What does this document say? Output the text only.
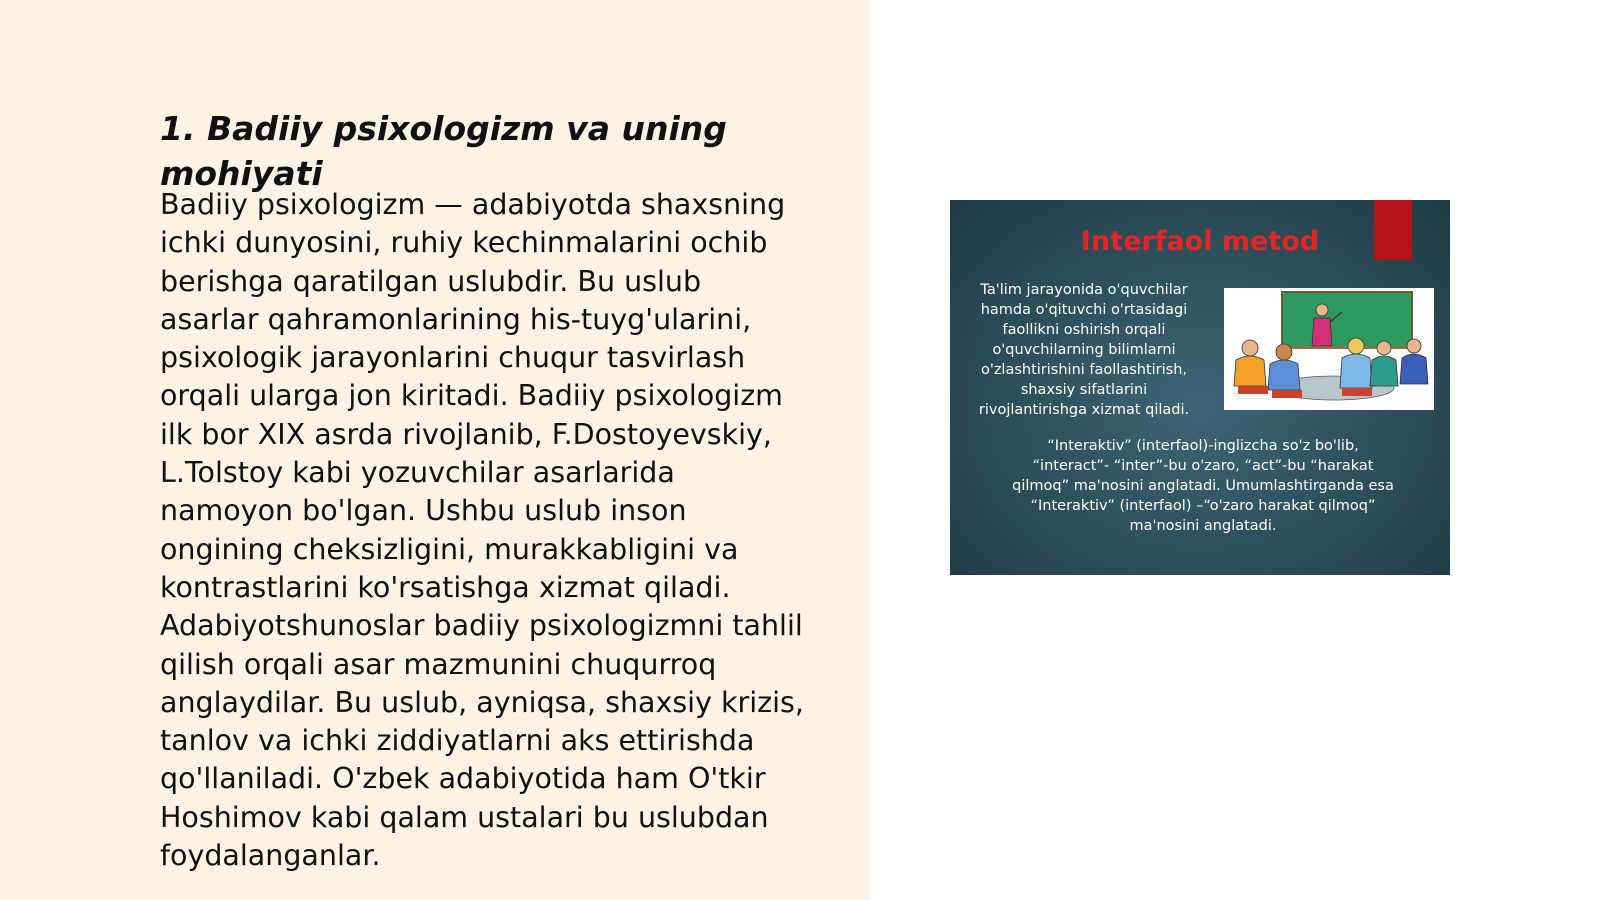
1. Badiiy psixologizm va uning mohiyati
Badiiy psixologizm — adabiyotda shaxsning
ichki dunyosini, ruhiy kechinmalarini ochib
berishga qaratilgan uslubdir. Bu uslub
asarlar qahramonlarining his-tuyg'ularini,
psixologik jarayonlarini chuqur tasvirlash
orqali ularga jon kiritadi. Badiiy psixologizm
ilk bor XIX asrda rivojlanib, F.Dostoyevskiy,
L.Tolstoy kabi yozuvchilar asarlarida
namoyon bo'lgan. Ushbu uslub inson
ongining cheksizligini, murakkabligini va
kontrastlarini ko'rsatishga xizmat qiladi.
Adabiyotshunoslar badiiy psixologizmni tahlil
qilish orqali asar mazmunini chuqurroq
anglaydilar. Bu uslub, ayniqsa, shaxsiy krizis,
tanlov va ichki ziddiyatlarni aks ettirishda
qo'llaniladi. O'zbek adabiyotida ham O'tkir
Hoshimov kabi qalam ustalari bu uslubdan
foydalanganlar.
Interfaol metod
Ta'lim jarayonida o'quvchilar
hamda o'qituvchi o'rtasidagi
faollikni oshirish orqali
o'quvchilarning bilimlarni
o'zlashtirishini faollashtirish,
shaxsiy sifatlarini
rivojlantirishga xizmat qiladi.
“Interaktiv” (interfaol)-inglizcha so'z bo'lib,
“interact”- “inter”-bu o'zaro, “act”-bu “harakat
qilmoq” ma'nosini anglatadi. Umumlashtirganda esa
“Interaktiv” (interfaol) –“o'zaro harakat qilmoq”
ma'nosini anglatadi.
